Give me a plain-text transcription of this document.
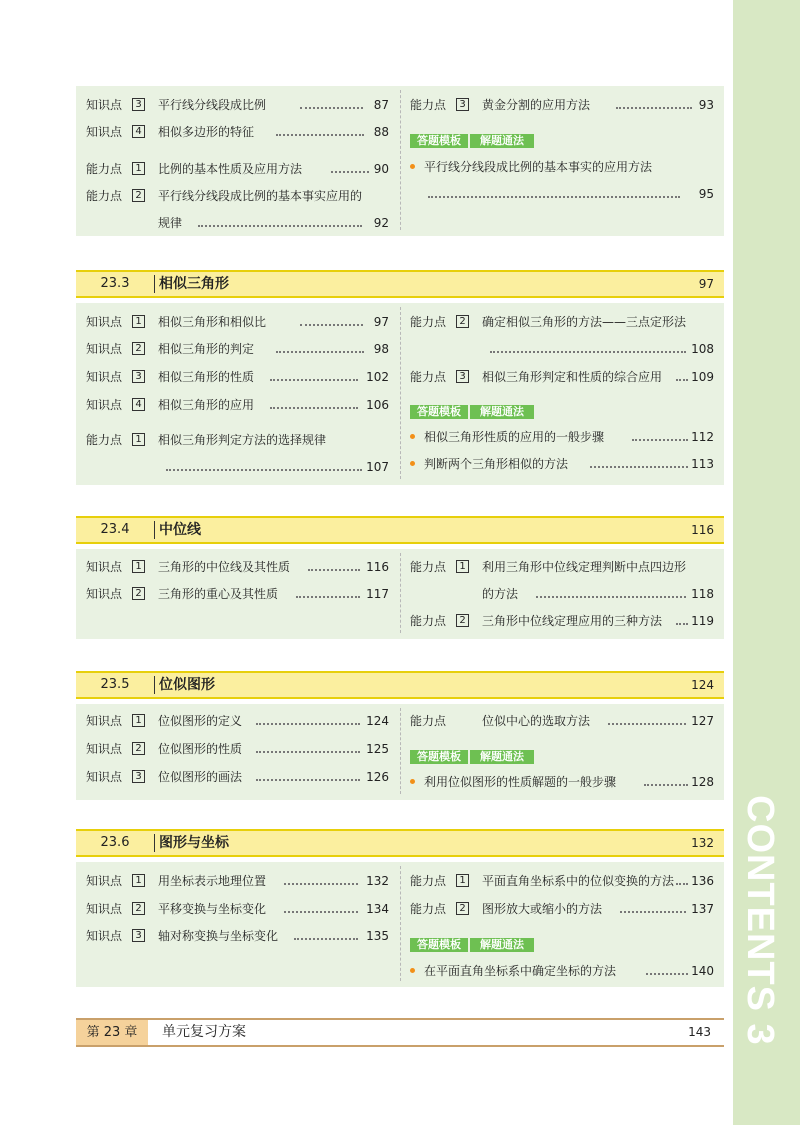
CONTENTS 3
知识点	3 平行线分线段成比例	87
知识点	4 相似多边形的特征	88
能力点	1 比例的基本性质及应用方法	90
能力点	2 平行线分线段成比例的基本事实应用的
规律	92
能力点	3 黄金分割的应用方法	93
答题模板	解题通法
平行线分线段成比例的基本事实的应用方法
95
23.3	相似三角形	97
知识点	1 相似三角形和相似比	97
知识点	2 相似三角形的判定	98
知识点	3 相似三角形的性质	102
知识点	4 相似三角形的应用	106
能力点	1 相似三角形判定方法的选择规律
107
能力点	2 确定相似三角形的方法——三点定形法
108
能力点	3 相似三角形判定和性质的综合应用 109
答题模板	解题通法
相似三角形性质的应用的一般步骤	112
判断两个三角形相似的方法	113
23.4	中位线	116
知识点	1 三角形的中位线及其性质	116
知识点	2 三角形的重心及其性质	117
能力点	1 利用三角形中位线定理判断中点四边形
的方法	118
能力点	2 三角形中位线定理应用的三种方法 119
23.5	位似图形	124
知识点	1 位似图形的定义	124
知识点	2 位似图形的性质	125
知识点	3 位似图形的画法	126
能力点	位似中心的选取方法	127
答题模板	解题通法
利用位似图形的性质解题的一般步骤	128
23.6	图形与坐标	132
知识点	1 用坐标表示地理位置	132
知识点	2 平移变换与坐标变化	134
知识点	3 轴对称变换与坐标变化	135
能力点	1 平面直角坐标系中的位似变换的方法 136
能力点	2 图形放大或缩小的方法	137
答题模板	解题通法
在平面直角坐标系中确定坐标的方法	140
第 23 章	单元复习方案	143
